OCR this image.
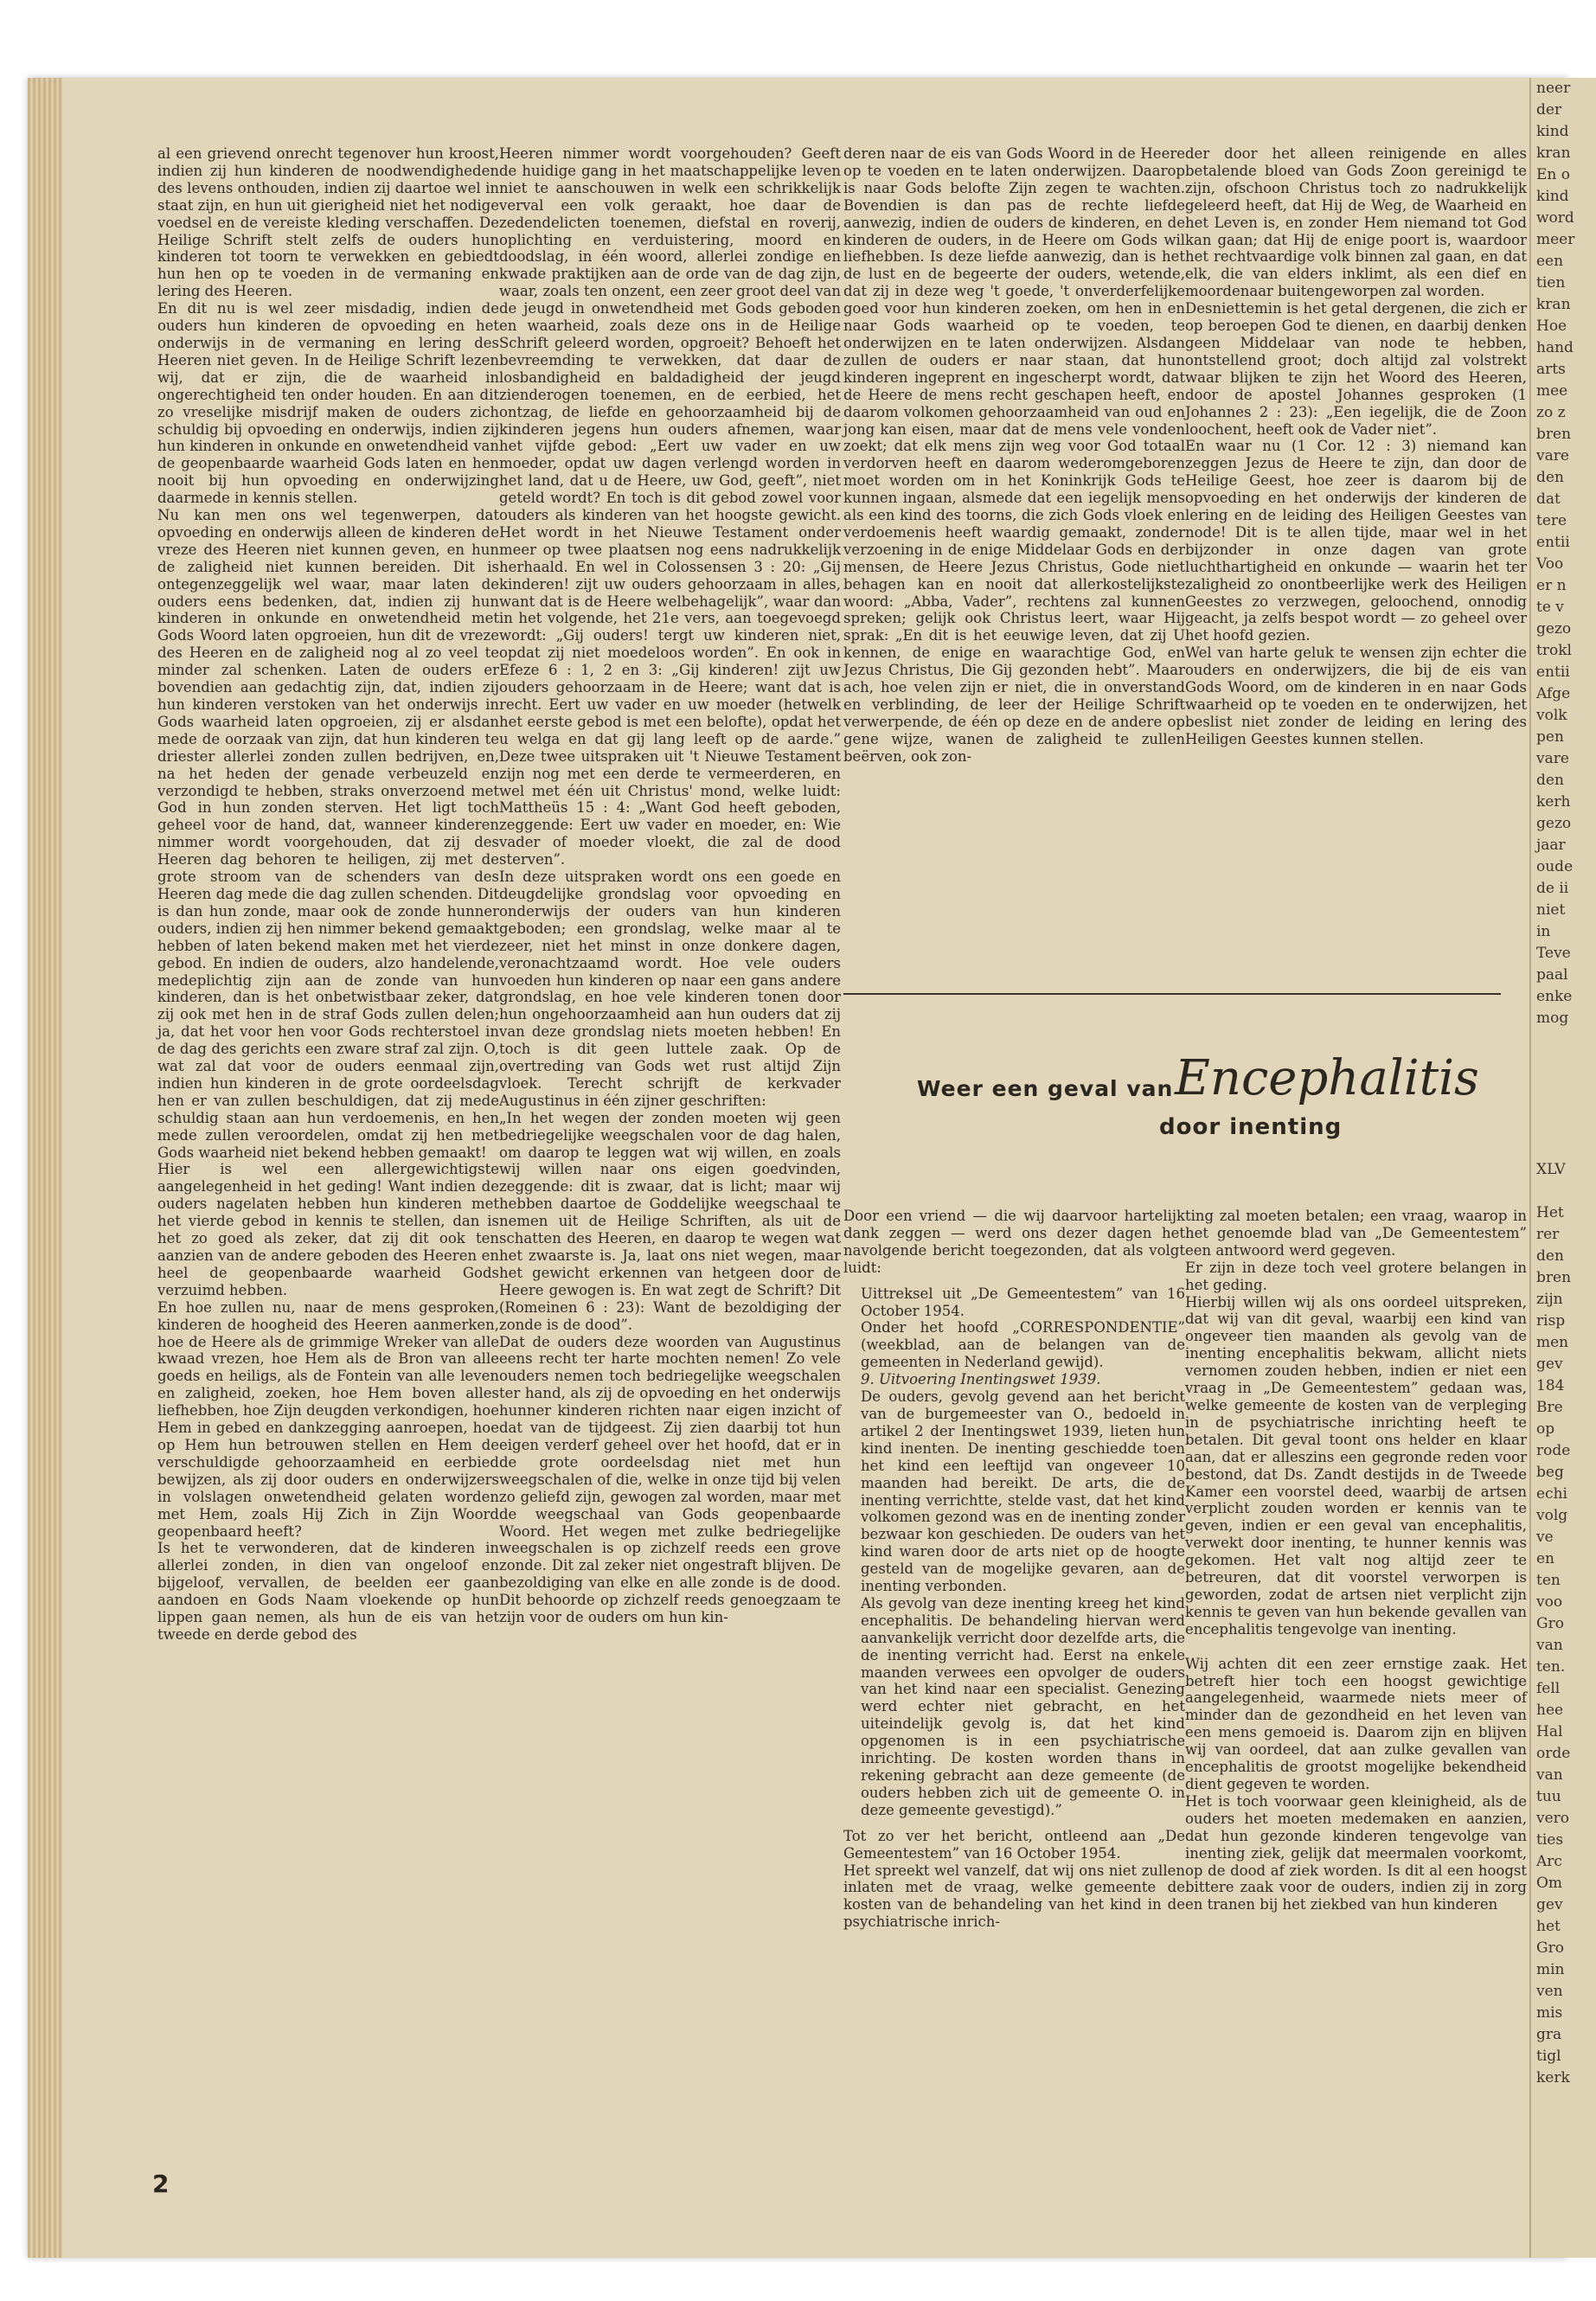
neer
der
kind
kran
En o
kind
word
meer
een
tien
kran
Hoe
hand
arts
mee
zo z
bren
vare
den
dat
tere
entii
Voo
er n
te v
gezo
trokl
entii
Afge
volk
pen
vare
den
kerh
gezo
jaar
oude
de ii
niet
in
Teve
paal
enke
mog

XLV

Het
rer
den
bren
zijn
risp
men
gev
184
Bre
op
rode
beg
echi
volg
ve
en
ten
voo
Gro
van
ten.
fell
hee
Hal
orde
van
tuu
vero
ties
Arc
Om
gev
het
Gro
min
ven
mis
gra
tigl
kerk

al een grievend onrecht tegenover hun kroost, indien zij hun kinderen de noodwendigheden des levens onthouden, indien zij daartoe wel in staat zijn, en hun uit gierigheid niet het nodige voedsel en de vereiste kleding verschaffen. De Heilige Schrift stelt zelfs de ouders hun kinderen tot toorn te verwekken en gebiedt hun hen op te voeden in de vermaning en lering des Heeren.

En dit nu is wel zeer misdadig, indien de ouders hun kinderen de opvoeding en het onderwijs in de vermaning en lering des Heeren niet geven. In de Heilige Schrift lezen wij, dat er zijn, die de waarheid in ongerechtigheid ten onder houden. En aan dit zo vreselijke misdrijf maken de ouders zich schuldig bij opvoeding en onderwijs, indien zij hun kinderen in onkunde en onwetendheid van de geopenbaarde waarheid Gods laten en hen nooit bij hun opvoeding en onderwijzing daarmede in kennis stellen.

Nu kan men ons wel tegenwerpen, dat opvoeding en onderwijs alleen de kinderen de vreze des Heeren niet kunnen geven, en hun de zaligheid niet kunnen bereiden. Dit is ontegenzeggelijk wel waar, maar laten de ouders eens bedenken, dat, indien zij hun kinderen in onkunde en onwetendheid met Gods Woord laten opgroeien, hun dit de vreze des Heeren en de zaligheid nog al zo veel te minder zal schenken. Laten de ouders er bovendien aan gedachtig zijn, dat, indien zij hun kinderen verstoken van het onderwijs in Gods waarheid laten opgroeien, zij er alsdan mede de oorzaak van zijn, dat hun kinderen te driester allerlei zonden zullen bedrijven, en, na het heden der genade verbeuzeld en verzondigd te hebben, straks onverzoend met God in hun zonden sterven. Het ligt toch geheel voor de hand, dat, wanneer kinderen nimmer wordt voorgehouden, dat zij des Heeren dag behoren te heiligen, zij met de grote stroom van de schenders van des Heeren dag mede die dag zullen schenden. Dit is dan hun zonde, maar ook de zonde hunner ouders, indien zij hen nimmer bekend gemaakt hebben of laten bekend maken met het vierde gebod. En indien de ouders, alzo handelende, medeplichtig zijn aan de zonde van hun kinderen, dan is het onbetwistbaar zeker, dat zij ook met hen in de straf Gods zullen delen; ja, dat het voor hen voor Gods rechterstoel in de dag des gerichts een zware straf zal zijn. O, wat zal dat voor de ouders eenmaal zijn, indien hun kinderen in de grote oordeelsdag hen er van zullen beschuldigen, dat zij mede schuldig staan aan hun verdoemenis, en hen mede zullen veroordelen, omdat zij hen met Gods waarheid niet bekend hebben gemaakt!

Hier is wel een allergewichtigste aangelegenheid in het geding! Want indien de ouders nagelaten hebben hun kinderen met het vierde gebod in kennis te stellen, dan is het zo goed als zeker, dat zij dit ook ten aanzien van de andere geboden des Heeren en heel de geopenbaarde waarheid Gods verzuimd hebben.

En hoe zullen nu, naar de mens gesproken, kinderen de hoogheid des Heeren aanmerken, hoe de Heere als de grimmige Wreker van alle kwaad vrezen, hoe Hem als de Bron van alle goeds en heiligs, als de Fontein van alle leven en zaligheid, zoeken, hoe Hem boven alles liefhebben, hoe Zijn deugden verkondigen, hoe Hem in gebed en dankzegging aanroepen, hoe op Hem hun betrouwen stellen en Hem de verschuldigde gehoorzaamheid en eerbied bewijzen, als zij door ouders en onderwijzers in volslagen onwetendheid gelaten worden met Hem, zoals Hij Zich in Zijn Woord geopenbaard heeft?

Is het te verwonderen, dat de kinderen in allerlei zonden, in dien van ongeloof en bijgeloof, vervallen, de beelden eer gaan aandoen en Gods Naam vloekende op hun lippen gaan nemen, als hun de eis van het tweede en derde gebod des

Heeren nimmer wordt voorgehouden? Geeft de huidige gang in het maatschappelijke leven niet te aanschouwen in welk een schrikkelijk verval een volk geraakt, hoe daar de zedendelicten toenemen, diefstal en roverij, oplichting en verduistering, moord en doodslag, in één woord, allerlei zondige en kwade praktijken aan de orde van de dag zijn, waar, zoals ten onzent, een zeer groot deel van de jeugd in onwetendheid met Gods geboden en waarheid, zoals deze ons in de Heilige Schrift geleerd worden, opgroeit? Behoeft het bevreemding te verwekken, dat daar de losbandigheid en baldadigheid der jeugd zienderogen toenemen, en de eerbied, het ontzag, de liefde en gehoorzaamheid bij de kinderen jegens hun ouders afnemen, waar het vijfde gebod: „Eert uw vader en uw moeder, opdat uw dagen verlengd worden in het land, dat u de Heere, uw God, geeft”, niet geteld wordt? En toch is dit gebod zowel voor ouders als kinderen van het hoogste gewicht. Het wordt in het Nieuwe Testament onder meer op twee plaatsen nog eens nadrukkelijk herhaald. En wel in Colossensen 3 : 20: „Gij kinderen! zijt uw ouders gehoorzaam in alles, want dat is de Heere welbehagelijk”, waar dan in het volgende, het 21e vers, aan toegevoegd wordt: „Gij ouders! tergt uw kinderen niet, opdat zij niet moedeloos worden”. En ook in Efeze 6 : 1, 2 en 3: „Gij kinderen! zijt uw ouders gehoorzaam in de Heere; want dat is recht. Eert uw vader en uw moeder (hetwelk het eerste gebod is met een belofte), opdat het u welga en dat gij lang leeft op de aarde.” Deze twee uitspraken uit 't Nieuwe Testament zijn nog met een derde te vermeerderen, en wel met één uit Christus' mond, welke luidt: Mattheüs 15 : 4: „Want God heeft geboden, zeggende: Eert uw vader en moeder, en: Wie vader of moeder vloekt, die zal de dood sterven”.

In deze uitspraken wordt ons een goede en deugdelijke grondslag voor opvoeding en onderwijs der ouders van hun kinderen geboden; een grondslag, welke maar al te zeer, niet het minst in onze donkere dagen, veronachtzaamd wordt. Hoe vele ouders voeden hun kinderen op naar een gans andere grondslag, en hoe vele kinderen tonen door hun ongehoorzaamheid aan hun ouders dat zij van deze grondslag niets moeten hebben! En toch is dit geen luttele zaak. Op de overtreding van Gods wet rust altijd Zijn vloek. Terecht schrijft de kerkvader Augustinus in één zijner geschriften:

„In het wegen der zonden moeten wij geen bedriegelijke weegschalen voor de dag halen, om daarop te leggen wat wij willen, en zoals wij willen naar ons eigen goedvinden, zeggende: dit is zwaar, dat is licht; maar wij hebben daartoe de Goddelijke weegschaal te nemen uit de Heilige Schriften, als uit de schatten des Heeren, en daarop te wegen wat het zwaarste is. Ja, laat ons niet wegen, maar het gewicht erkennen van hetgeen door de Heere gewogen is. En wat zegt de Schrift? Dit (Romeinen 6 : 23): Want de bezoldiging der zonde is de dood”.

Dat de ouders deze woorden van Augustinus eens recht ter harte mochten nemen! Zo vele ouders nemen toch bedriegelijke weegschalen ter hand, als zij de opvoeding en het onderwijs hunner kinderen richten naar eigen inzicht of dat van de tijdgeest. Zij zien daarbij tot hun eigen verderf geheel over het hoofd, dat er in de grote oordeelsdag niet met hun weegschalen of die, welke in onze tijd bij velen zo geliefd zijn, gewogen zal worden, maar met de weegschaal van Gods geopenbaarde Woord. Het wegen met zulke bedriegelijke weegschalen is op zichzelf reeds een grove zonde. Dit zal zeker niet ongestraft blijven. De bezoldiging van elke en alle zonde is de dood. Dit behoorde op zichzelf reeds genoegzaam te zijn voor de ouders om hun kin-

deren naar de eis van Gods Woord in de Heere op te voeden en te laten onderwijzen. Daarop is naar Gods belofte Zijn zegen te wachten. Bovendien is dan pas de rechte liefde aanwezig, indien de ouders de kinderen, en de kinderen de ouders, in de Heere om Gods wil liefhebben. Is deze liefde aanwezig, dan is het de lust en de begeerte der ouders, wetende, dat zij in deze weg 't goede, 't onverderfelijke goed voor hun kinderen zoeken, om hen in en naar Gods waarheid op te voeden, te onderwijzen en te laten onderwijzen. Alsdan zullen de ouders er naar staan, dat hun kinderen ingeprent en ingescherpt wordt, dat de Heere de mens recht geschapen heeft, en daarom volkomen gehoorzaamheid van oud en jong kan eisen, maar dat de mens vele vonden zoekt; dat elk mens zijn weg voor God totaal verdorven heeft en daarom wederomgeboren moet worden om in het Koninkrijk Gods te kunnen ingaan, alsmede dat een iegelijk mens als een kind des toorns, die zich Gods vloek en verdoemenis heeft waardig gemaakt, zonder verzoening in de enige Middelaar Gods en der mensen, de Heere Jezus Christus, Gode niet behagen kan en nooit dat allerkostelijkste woord: „Abba, Vader”, rechtens zal kunnen spreken; gelijk ook Christus leert, waar Hij sprak: „En dit is het eeuwige leven, dat zij U kennen, de enige en waarachtige God, en Jezus Christus, Die Gij gezonden hebt”. Maar ach, hoe velen zijn er niet, die in onverstand en verblinding, de leer der Heilige Schrift verwerpende, de één op deze en de andere op gene wijze, wanen de zaligheid te zullen beërven, ook zon-

der door het alleen reinigende en alles betalende bloed van Gods Zoon gereinigd te zijn, ofschoon Christus toch zo nadrukkelijk geleerd heeft, dat Hij de Weg, de Waarheid en het Leven is, en zonder Hem niemand tot God kan gaan; dat Hij de enige poort is, waardoor het rechtvaardige volk binnen zal gaan, en dat elk, die van elders inklimt, als een dief en moordenaar buitengeworpen zal worden.

Desniettemin is het getal dergenen, die zich er op beroepen God te dienen, en daarbij denken geen Middelaar van node te hebben, ontstellend groot; doch altijd zal volstrekt waar blijken te zijn het Woord des Heeren, door de apostel Johannes gesproken (1 Johannes 2 : 23): „Een iegelijk, die de Zoon loochent, heeft ook de Vader niet”.

En waar nu (1 Cor. 12 : 3) niemand kan zeggen Jezus de Heere te zijn, dan door de Heilige Geest, hoe zeer is daarom bij de opvoeding en het onderwijs der kinderen de lering en de leiding des Heiligen Geestes van node! Dit is te allen tijde, maar wel in het bijzonder in onze dagen van grote luchthartigheid en onkunde — waarin het ter zaligheid zo onontbeerlijke werk des Heiligen Geestes zo verzwegen, geloochend, onnodig geacht, ja zelfs bespot wordt — zo geheel over het hoofd gezien.

Wel van harte geluk te wensen zijn echter die ouders en onderwijzers, die bij de eis van Gods Woord, om de kinderen in en naar Gods waarheid op te voeden en te onderwijzen, het beslist niet zonder de leiding en lering des Heiligen Geestes kunnen stellen.

Weer een geval van Encephalitis
door inenting

Door een vriend — die wij daarvoor hartelijk dank zeggen — werd ons dezer dagen het navolgende bericht toegezonden, dat als volgt luidt:

Uittreksel uit „De Gemeentestem” van 16 October 1954.

Onder het hoofd „CORRESPONDENTIE” (weekblad, aan de belangen van de gemeenten in Nederland gewijd).

9. Uitvoering Inentingswet 1939.

De ouders, gevolg gevend aan het bericht van de burgemeester van O., bedoeld in artikel 2 der Inentingswet 1939, lieten hun kind inenten. De inenting geschiedde toen het kind een leeftijd van ongeveer 10 maanden had bereikt. De arts, die de inenting verrichtte, stelde vast, dat het kind volkomen gezond was en de inenting zonder bezwaar kon geschieden. De ouders van het kind waren door de arts niet op de hoogte gesteld van de mogelijke gevaren, aan de inenting verbonden.

Als gevolg van deze inenting kreeg het kind encephalitis. De behandeling hiervan werd aanvankelijk verricht door dezelfde arts, die de inenting verricht had. Eerst na enkele maanden verwees een opvolger de ouders van het kind naar een specialist. Genezing werd echter niet gebracht, en het uiteindelijk gevolg is, dat het kind opgenomen is in een psychiatrische inrichting. De kosten worden thans in rekening gebracht aan deze gemeente (de ouders hebben zich uit de gemeente O. in deze gemeente gevestigd).”

Tot zo ver het bericht, ontleend aan „De Gemeentestem” van 16 October 1954.

Het spreekt wel vanzelf, dat wij ons niet zullen inlaten met de vraag, welke gemeente de kosten van de behandeling van het kind in de psychiatrische inrich-

ting zal moeten betalen; een vraag, waarop in het genoemde blad van „De Gemeentestem” een antwoord werd gegeven.

Er zijn in deze toch veel grotere belangen in het geding.

Hierbij willen wij als ons oordeel uitspreken, dat wij van dit geval, waarbij een kind van ongeveer tien maanden als gevolg van de inenting encephalitis bekwam, allicht niets vernomen zouden hebben, indien er niet een vraag in „De Gemeentestem” gedaan was, welke gemeente de kosten van de verpleging in de psychiatrische inrichting heeft te betalen. Dit geval toont ons helder en klaar aan, dat er alleszins een gegronde reden voor bestond, dat Ds. Zandt destijds in de Tweede Kamer een voorstel deed, waarbij de artsen verplicht zouden worden er kennis van te geven, indien er een geval van encephalitis, verwekt door inenting, te hunner kennis was gekomen. Het valt nog altijd zeer te betreuren, dat dit voorstel verworpen is geworden, zodat de artsen niet verplicht zijn kennis te geven van hun bekende gevallen van encephalitis tengevolge van inenting.

Wij achten dit een zeer ernstige zaak. Het betreft hier toch een hoogst gewichtige aangelegenheid, waarmede niets meer of minder dan de gezondheid en het leven van een mens gemoeid is. Daarom zijn en blijven wij van oordeel, dat aan zulke gevallen van encephalitis de grootst mogelijke bekendheid dient gegeven te worden.

Het is toch voorwaar geen kleinigheid, als de ouders het moeten medemaken en aanzien, dat hun gezonde kinderen tengevolge van inenting ziek, gelijk dat meermalen voorkomt, op de dood af ziek worden. Is dit al een hoogst bittere zaak voor de ouders, indien zij in zorg en tranen bij het ziekbed van hun kinderen

2
